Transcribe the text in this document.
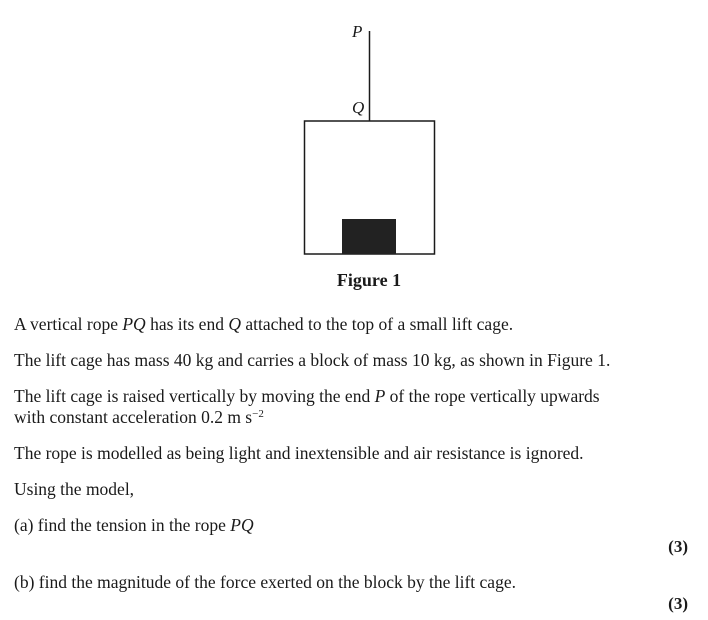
P
Q
Figure 1

A vertical rope PQ has its end Q attached to the top of a small lift cage.

The lift cage has mass 40 kg and carries a block of mass 10 kg, as shown in Figure 1.

The lift cage is raised vertically by moving the end P of the rope vertically upwards
with constant acceleration 0.2 m $s^{-2}$

The rope is modelled as being light and inextensible and air resistance is ignored.

Using the model,

(a) find the tension in the rope PQ

(3)

(b) find the magnitude of the force exerted on the block by the lift cage.

(3)
